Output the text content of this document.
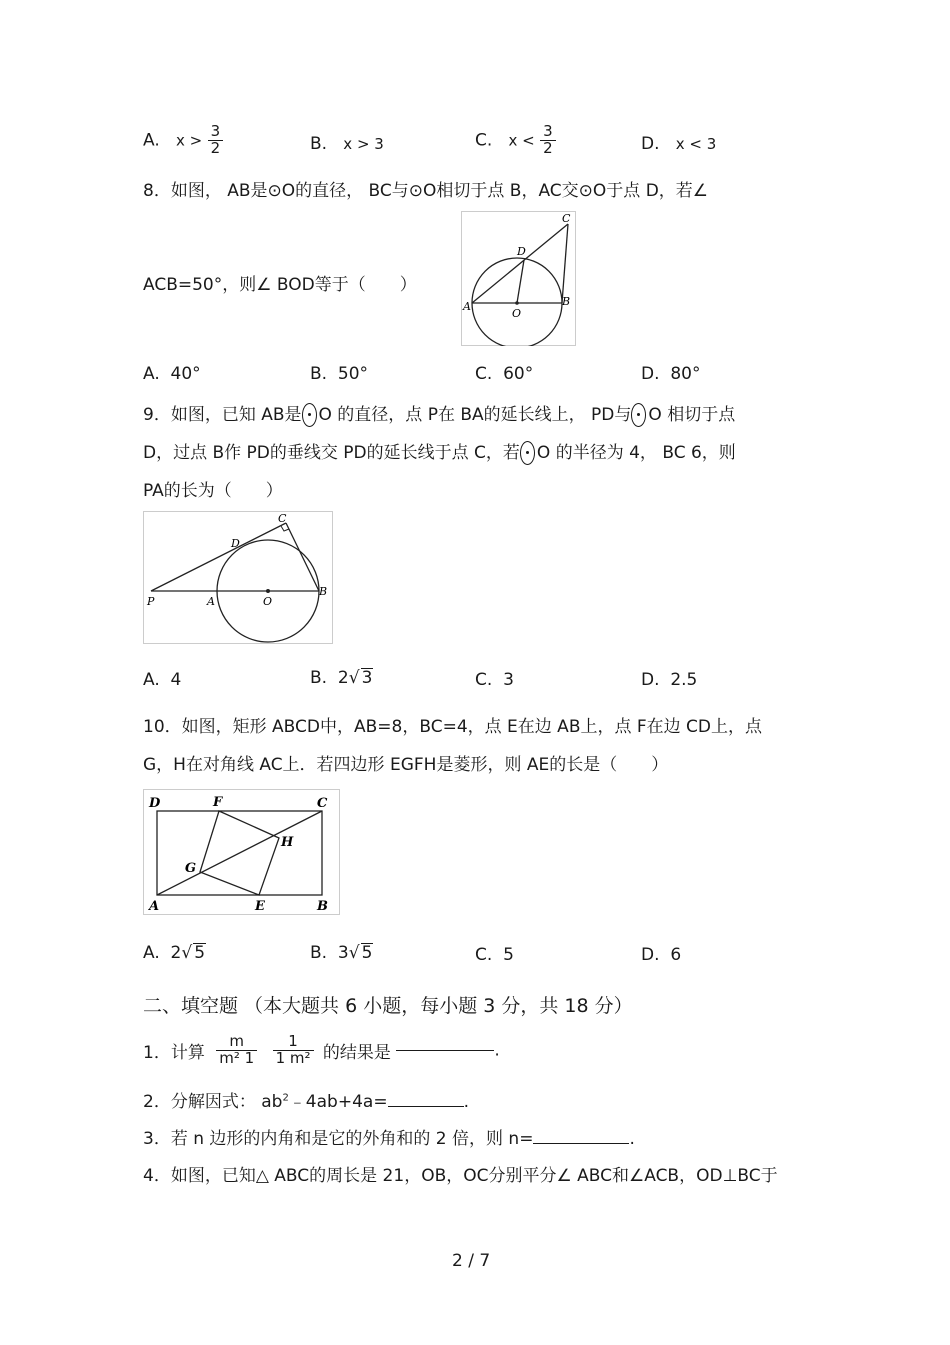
A. $x > \frac{3}{2}$	B. x > 3	C. $x < \frac{3}{2}$	D. x < 3
8．如图， AB是⊙O的直径， BC与⊙O相切于点 B，AC交⊙O于点 D，若∠
ACB=50°，则∠ BOD等于（　　）
A	B
C
D
O
A. 40°	B. 50°	C. 60°	D. 80°
9．如图，已知 AB是 O 的直径，点 P在 BA的延长线上， PD与 O 相切于点
D，过点 B作 PD的垂线交 PD的延长线于点 C，若 O 的半径为 4， BC 6，则
PA的长为（　　）
P	A	O
B
C
D
A. 4	B. 2√ 3	C. 3	D. 2.5
10．如图，矩形 ABCD中，AB=8，BC=4，点 E在边 AB上，点 F在边 CD上，点
G，H在对角线 AC上．若四边形 EGFH是菱形，则 AE的长是（　　）
D	F	C
H
G
A	E	B
A. 2√ 5	B. 3√ 5	C. 5	D. 6
二、填空题 （本大题共 6 小题，每小题 3 分，共 18 分）
1．计算 $\frac{m}{\text{m² 1}}$
$\frac{1}{\text{1 m²}}$ 的结果是	.
2．分解因式： $ab^2﹣4ab+4a=$	.
3．若 n 边形的内角和是它的外角和的 2 倍，则 n=	.
4．如图，已知△ ABC的周长是 21，OB，OC分别平分∠ ABC和∠ACB，OD⊥BC于
2 / 7
